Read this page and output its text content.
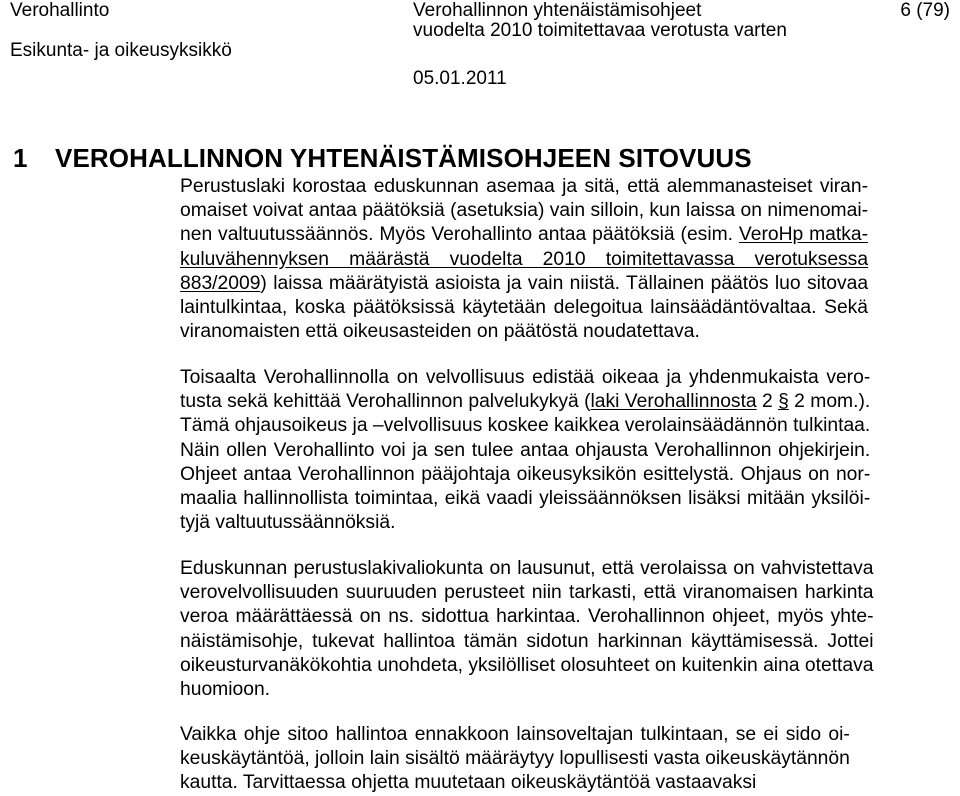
Verohallinto
Esikunta- ja oikeusyksikkö
Verohallinnon yhtenäistämisohjeet
vuodelta 2010 toimitettavaa verotusta varten
05.01.2011
6 (79)
1 VEROHALLINNON YHTENÄISTÄMISOHJEEN SITOVUUS

Perustuslaki korostaa eduskunnan asemaa ja sitä, että alemmanasteiset viran-
omaiset voivat antaa päätöksiä (asetuksia) vain silloin, kun laissa on nimenomai-
nen valtuutussäännös. Myös Verohallinto antaa päätöksiä (esim. VeroHp matka-
kuluvähennyksen määrästä vuodelta 2010 toimitettavassa verotuksessa
883/2009) laissa määrätyistä asioista ja vain niistä. Tällainen päätös luo sitovaa
laintulkintaa, koska päätöksissä käytetään delegoitua lainsäädäntövaltaa. Sekä
viranomaisten että oikeusasteiden on päätöstä noudatettava.

Toisaalta Verohallinnolla on velvollisuus edistää oikeaa ja yhdenmukaista vero-
tusta sekä kehittää Verohallinnon palvelukykyä (laki Verohallinnosta 2 § 2 mom.).
Tämä ohjausoikeus ja –velvollisuus koskee kaikkea verolainsäädännön tulkintaa.
Näin ollen Verohallinto voi ja sen tulee antaa ohjausta Verohallinnon ohjekirjein.
Ohjeet antaa Verohallinnon pääjohtaja oikeusyksikön esittelystä. Ohjaus on nor-
maalia hallinnollista toimintaa, eikä vaadi yleissäännöksen lisäksi mitään yksilöi-
tyjä valtuutussäännöksiä.

Eduskunnan perustuslakivaliokunta on lausunut, että verolaissa on vahvistettava
verovelvollisuuden suuruuden perusteet niin tarkasti, että viranomaisen harkinta
veroa määrättäessä on ns. sidottua harkintaa. Verohallinnon ohjeet, myös yhte-
näistämisohje, tukevat hallintoa tämän sidotun harkinnan käyttämisessä. Jottei
oikeusturvanäkökohtia unohdeta, yksilölliset olosuhteet on kuitenkin aina otettava
huomioon.

Vaikka ohje sitoo hallintoa ennakkoon lainsoveltajan tulkintaan, se ei sido oi-
keuskäytäntöä, jolloin lain sisältö määräytyy lopullisesti vasta oikeuskäytännön
kautta. Tarvittaessa ohjetta muutetaan oikeuskäytäntöä vastaavaksi
